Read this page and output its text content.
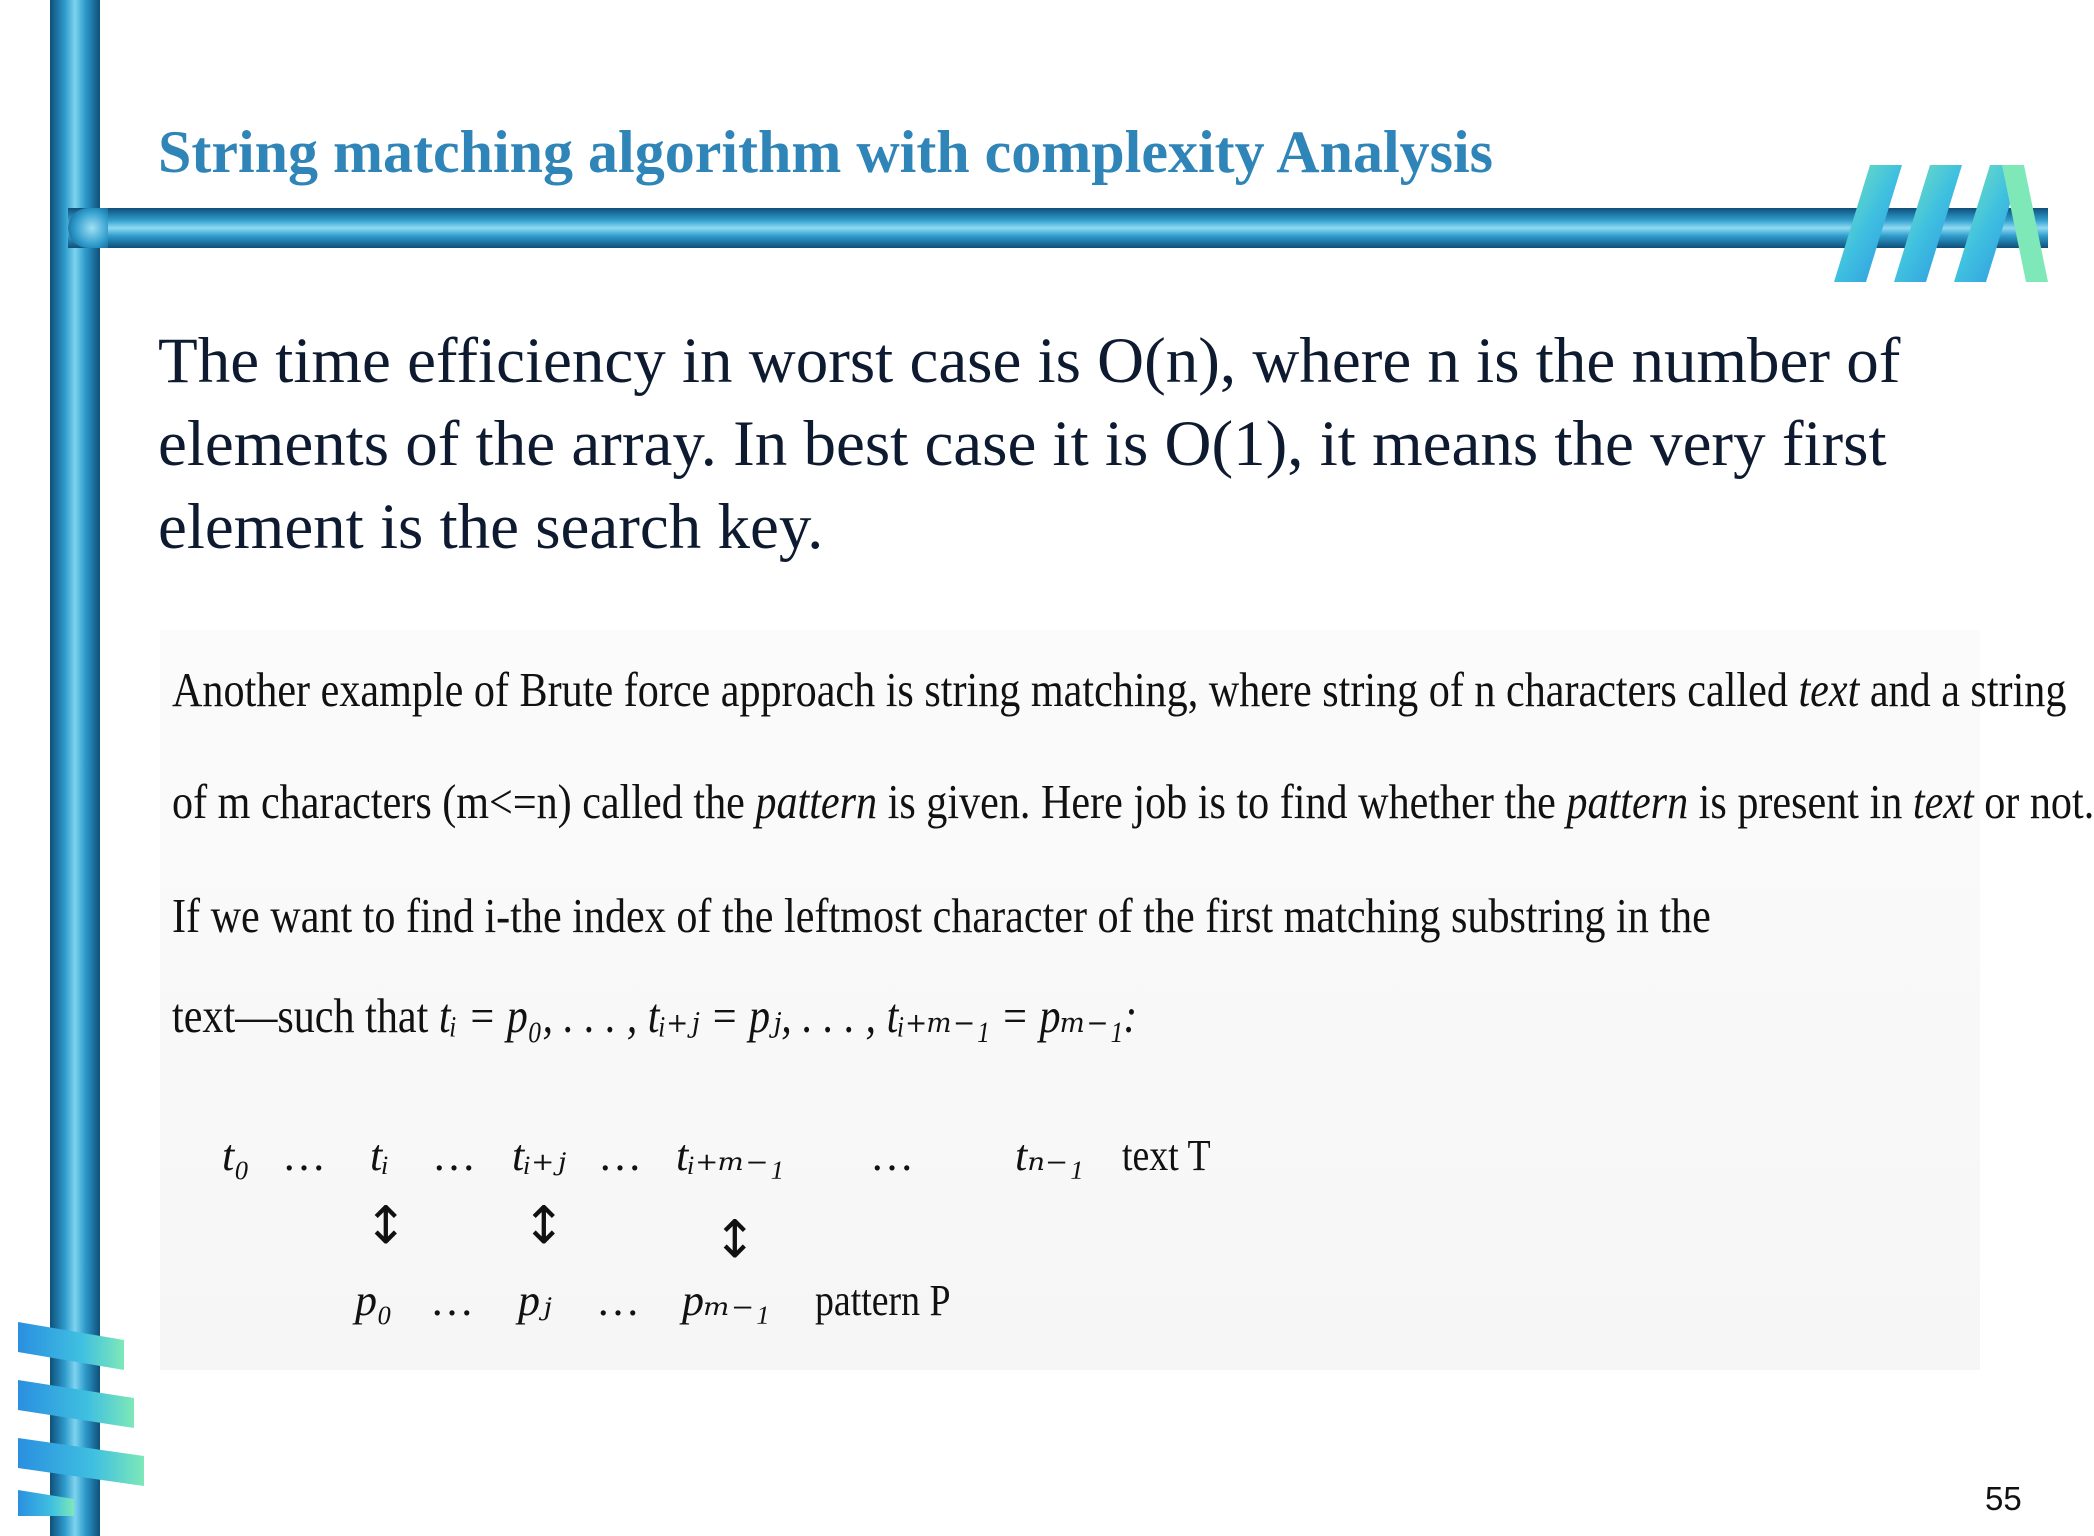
String matching algorithm with complexity Analysis

The time efficiency in worst case is O(n), where n is the number of elements of the array. In best case it is O(1), it means the very first element is the search key.

Another example of Brute force approach is string matching, where string of n characters called text and a string

of m characters (m<=n) called the pattern is given. Here job is to find whether the pattern is present in text or not.

If we want to find i-the index of the leftmost character of the first matching substring in the

text—such that tᵢ = p₀, . . . , tᵢ₊ⱼ = pⱼ, . . . , tᵢ₊ₘ₋₁ = pₘ₋₁:

t₀ … tᵢ … tᵢ₊ⱼ … tᵢ₊ₘ₋₁ … tₙ₋₁ text T
↕ ↕	↕
p₀ … pⱼ … pₘ₋₁ pattern P

55
